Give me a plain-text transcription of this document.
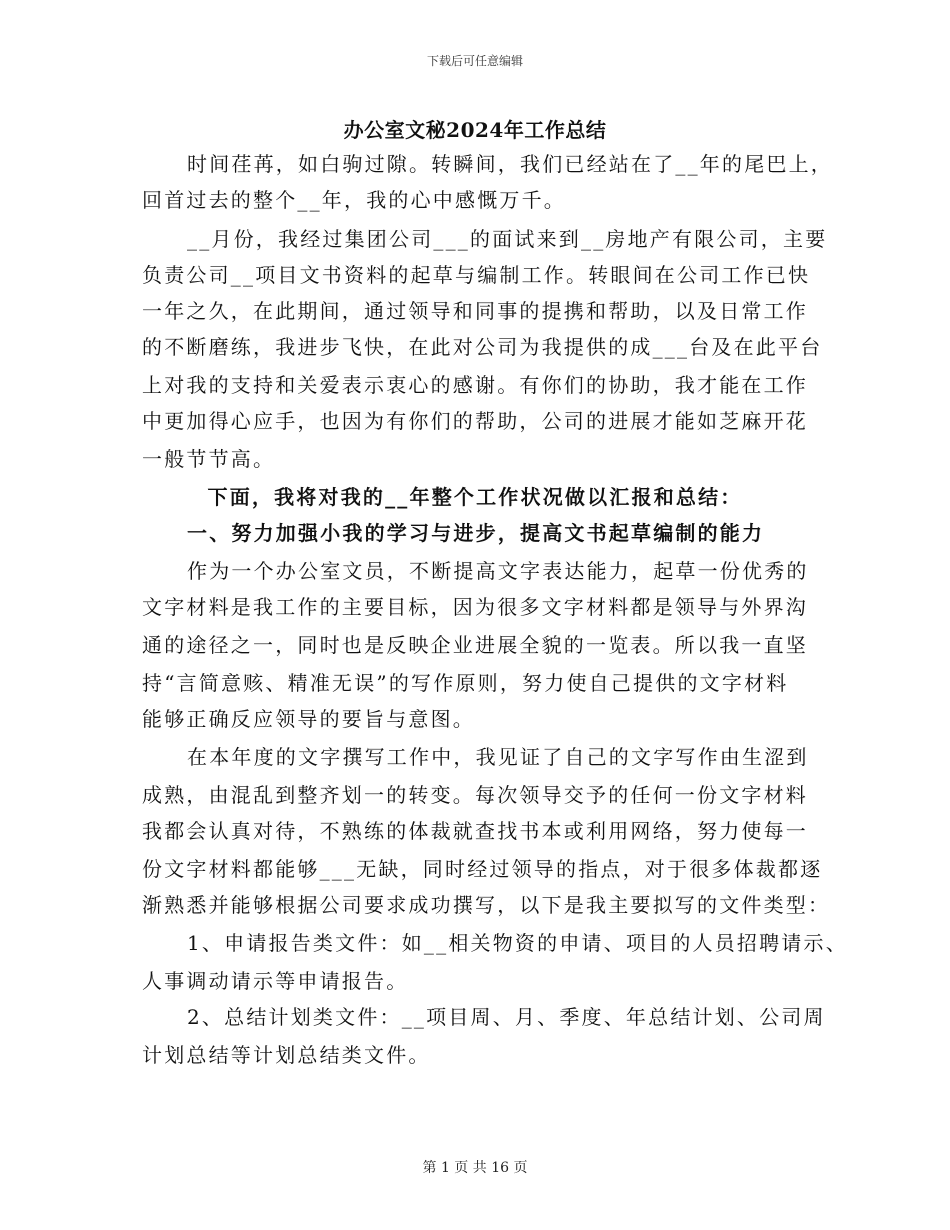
下载后可任意编辑
办公室文秘2024年工作总结
时间荏苒，如白驹过隙。转瞬间，我们已经站在了__年的尾巴上，
回首过去的整个__年，我的心中感慨万千。
__月份，我经过集团公司___的面试来到__房地产有限公司，主要
负责公司__项目文书资料的起草与编制工作。转眼间在公司工作已快
一年之久，在此期间，通过领导和同事的提携和帮助，以及日常工作
的不断磨练，我进步飞快，在此对公司为我提供的成___台及在此平台
上对我的支持和关爱表示衷心的感谢。有你们的协助，我才能在工作
中更加得心应手，也因为有你们的帮助，公司的进展才能如芝麻开花
一般节节高。
下面，我将对我的__年整个工作状况做以汇报和总结：
一、努力加强小我的学习与进步，提高文书起草编制的能力
作为一个办公室文员，不断提高文字表达能力，起草一份优秀的
文字材料是我工作的主要目标，因为很多文字材料都是领导与外界沟
通的途径之一，同时也是反映企业进展全貌的一览表。所以我一直坚
持“言简意赅、精准无误”的写作原则，努力使自己提供的文字材料
能够正确反应领导的要旨与意图。
在本年度的文字撰写工作中，我见证了自己的文字写作由生涩到
成熟，由混乱到整齐划一的转变。每次领导交予的任何一份文字材料
我都会认真对待，不熟练的体裁就查找书本或利用网络，努力使每一
份文字材料都能够___无缺，同时经过领导的指点，对于很多体裁都逐
渐熟悉并能够根据公司要求成功撰写，以下是我主要拟写的文件类型：
1、申请报告类文件：如__相关物资的申请、项目的人员招聘请示、
人事调动请示等申请报告。
2、总结计划类文件：__项目周、月、季度、年总结计划、公司周
计划总结等计划总结类文件。
第 1 页 共 16 页
